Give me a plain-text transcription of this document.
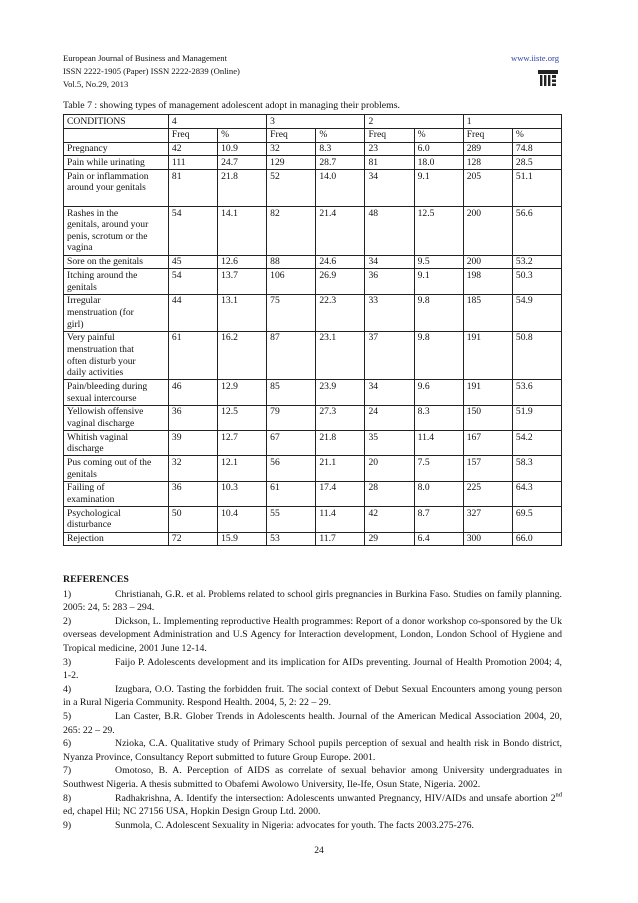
European Journal of Business and Management
ISSN 2222-1905 (Paper) ISSN 2222-2839 (Online)
Vol.5, No.29, 2013
www.iiste.org
Table 7 : showing types of management adolescent adopt in managing their problems.
CONDITIONS	4		3		2		1	
	Freq	%	Freq	%	Freq	%	Freq	%

Pregnancy	42	10.9	32	8.3	23	6.0	289	74.8

Pain while urinating	111	24.7	129	28.7	81	18.0	128	28.5

Pain or inflammation
around your genitals	81	21.8	52	14.0	34	9.1	205	51.1

Rashes in the
genitals, around your
penis, scrotum or the
vagina	54	14.1	82	21.4	48	12.5	200	56.6

Sore on the genitals	45	12.6	88	24.6	34	9.5	200	53.2

Itching around the
genitals	54	13.7	106	26.9	36	9.1	198	50.3

Irregular
menstruation (for
girl)	44	13.1	75	22.3	33	9.8	185	54.9

Very painful
menstruation that
often disturb your
daily activities	61	16.2	87	23.1	37	9.8	191	50.8

Pain/bleeding during
sexual intercourse	46	12.9	85	23.9	34	9.6	191	53.6

Yellowish offensive
vaginal discharge	36	12.5	79	27.3	24	8.3	150	51.9

Whitish vaginal
discharge	39	12.7	67	21.8	35	11.4	167	54.2

Pus coming out of the
genitals	32	12.1	56	21.1	20	7.5	157	58.3

Failing of
examination	36	10.3	61	17.4	28	8.0	225	64.3

Psychological
disturbance	50	10.4	55	11.4	42	8.7	327	69.5

Rejection	72	15.9	53	11.7	29	6.4	300	66.0
REFERENCES

1)	Christianah, G.R. et al. Problems related to school girls pregnancies in Burkina Faso. Studies on family planning. 2005: 24, 5: 283 – 294.

2)	Dickson, L. Implementing reproductive Health programmes: Report of a donor workshop co-sponsored by the Uk overseas development Administration and U.S Agency for Interaction development, London, London School of Hygiene and Tropical medicine, 2001 June 12-14.

3)	Faijo P. Adolescents development and its implication for AIDs preventing. Journal of Health Promotion 2004; 4, 1-2.

4)	Izugbara, O.O. Tasting the forbidden fruit. The social context of Debut Sexual Encounters among young person in a Rural Nigeria Community. Respond Health. 2004, 5, 2: 22 – 29.

5)	Lan Caster, B.R. Glober Trends in Adolescents health. Journal of the American Medical Association 2004, 20, 265: 22 – 29.

6)	Nzioka, C.A. Qualitative study of Primary School pupils perception of sexual and health risk in Bondo district, Nyanza Province, Consultancy Report submitted to future Group Europe. 2001.

7)	Omotoso, B. A. Perception of AIDS as correlate of sexual behavior among University undergraduates in Southwest Nigeria. A thesis submitted to Obafemi Awolowo University, Ile-Ife, Osun State, Nigeria. 2002.

8)	Radhakrishna, A. Identify the intersection: Adolescents unwanted Pregnancy, HIV/AIDs and unsafe abortion 2nd ed, chapel Hil; NC 27156 USA, Hopkin Design Group Ltd. 2000.

9)	Sunmola, C. Adolescent Sexuality in Nigeria: advocates for youth. The facts 2003.275-276.

24
